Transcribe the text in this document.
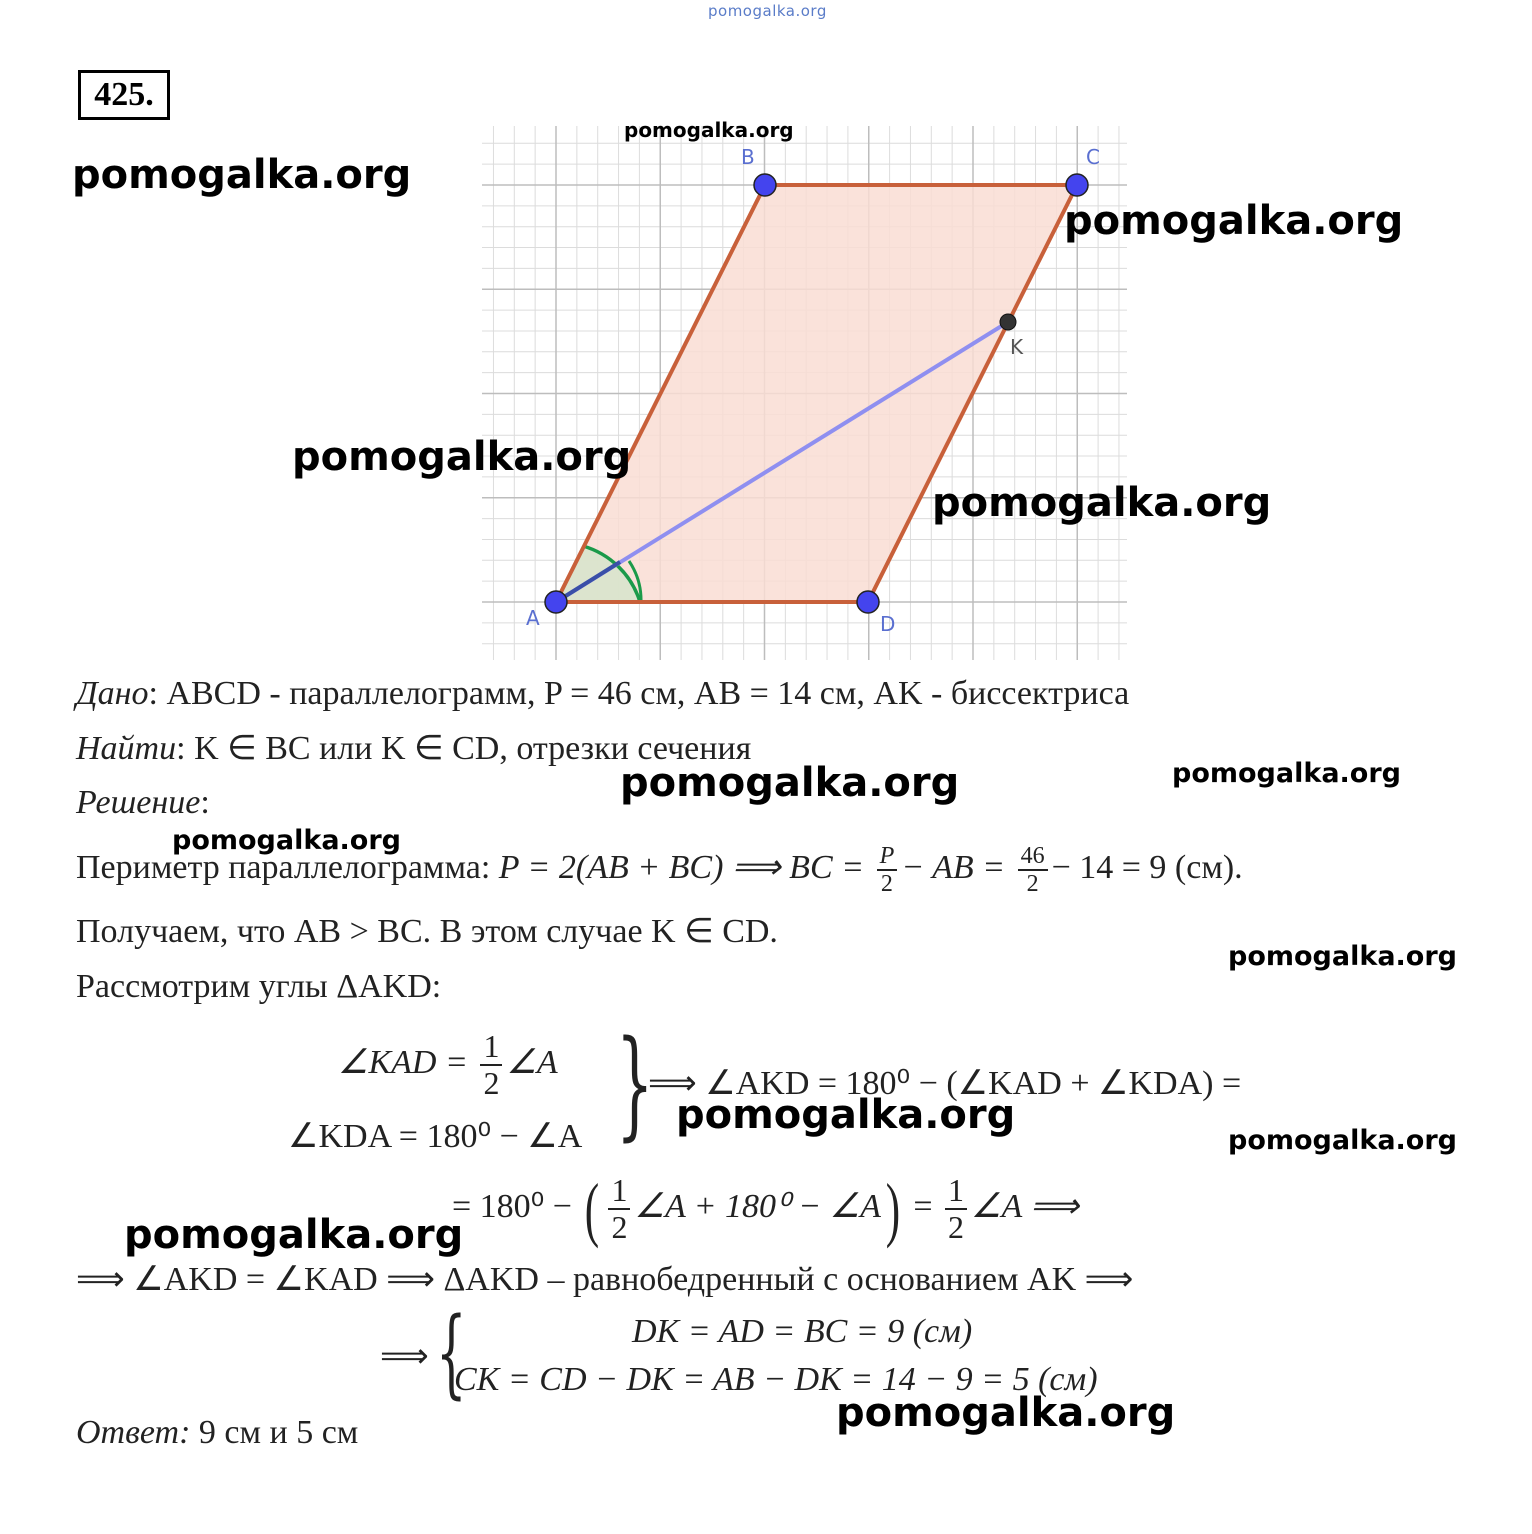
pomogalka.org
425.
A
B	C
D
K
pomogalka.org
pomogalka.org
pomogalka.org
pomogalka.org
pomogalka.org
Дано: ABCD - параллелограмм, P = 46 см, AB = 14 см, AK - биссектриса
Найти: K ∈ BC или K ∈ CD, отрезки сечения
pomogalka.org	pomogalka.org
Решение:
pomogalka.org
Периметр параллелограмма: P = 2(AB + BC) ⟹ BC = $\frac{P}{2}$ − AB = $\frac{46}{2} - 14 = 9$ (см).
Получаем, что AB > BC. В этом случае K ∈ CD.
pomogalka.org
Рассмотрим углы ΔAKD:
∠KAD = $\frac{1}{2}$ ∠A
∠KDA = 180⁰ − ∠A }
⟹ ∠AKD = 180⁰ − (∠KAD + ∠KDA) =
pomogalka.org
pomogalka.org
= 180⁰ − ( $\frac{1}{2}$ ∠A + 180⁰ − ∠A) = $\frac{1}{2}$ ∠A ⟹
pomogalka.org
⟹ ∠AKD = ∠KAD ⟹ ΔAKD – равнобедренный с основанием AK ⟹
⟹ {	DK = AD = BC = 9 (см)
CK = CD − DK = AB − DK = 14 − 9 = 5 (см)
pomogalka.org
Ответ: 9 см и 5 см
